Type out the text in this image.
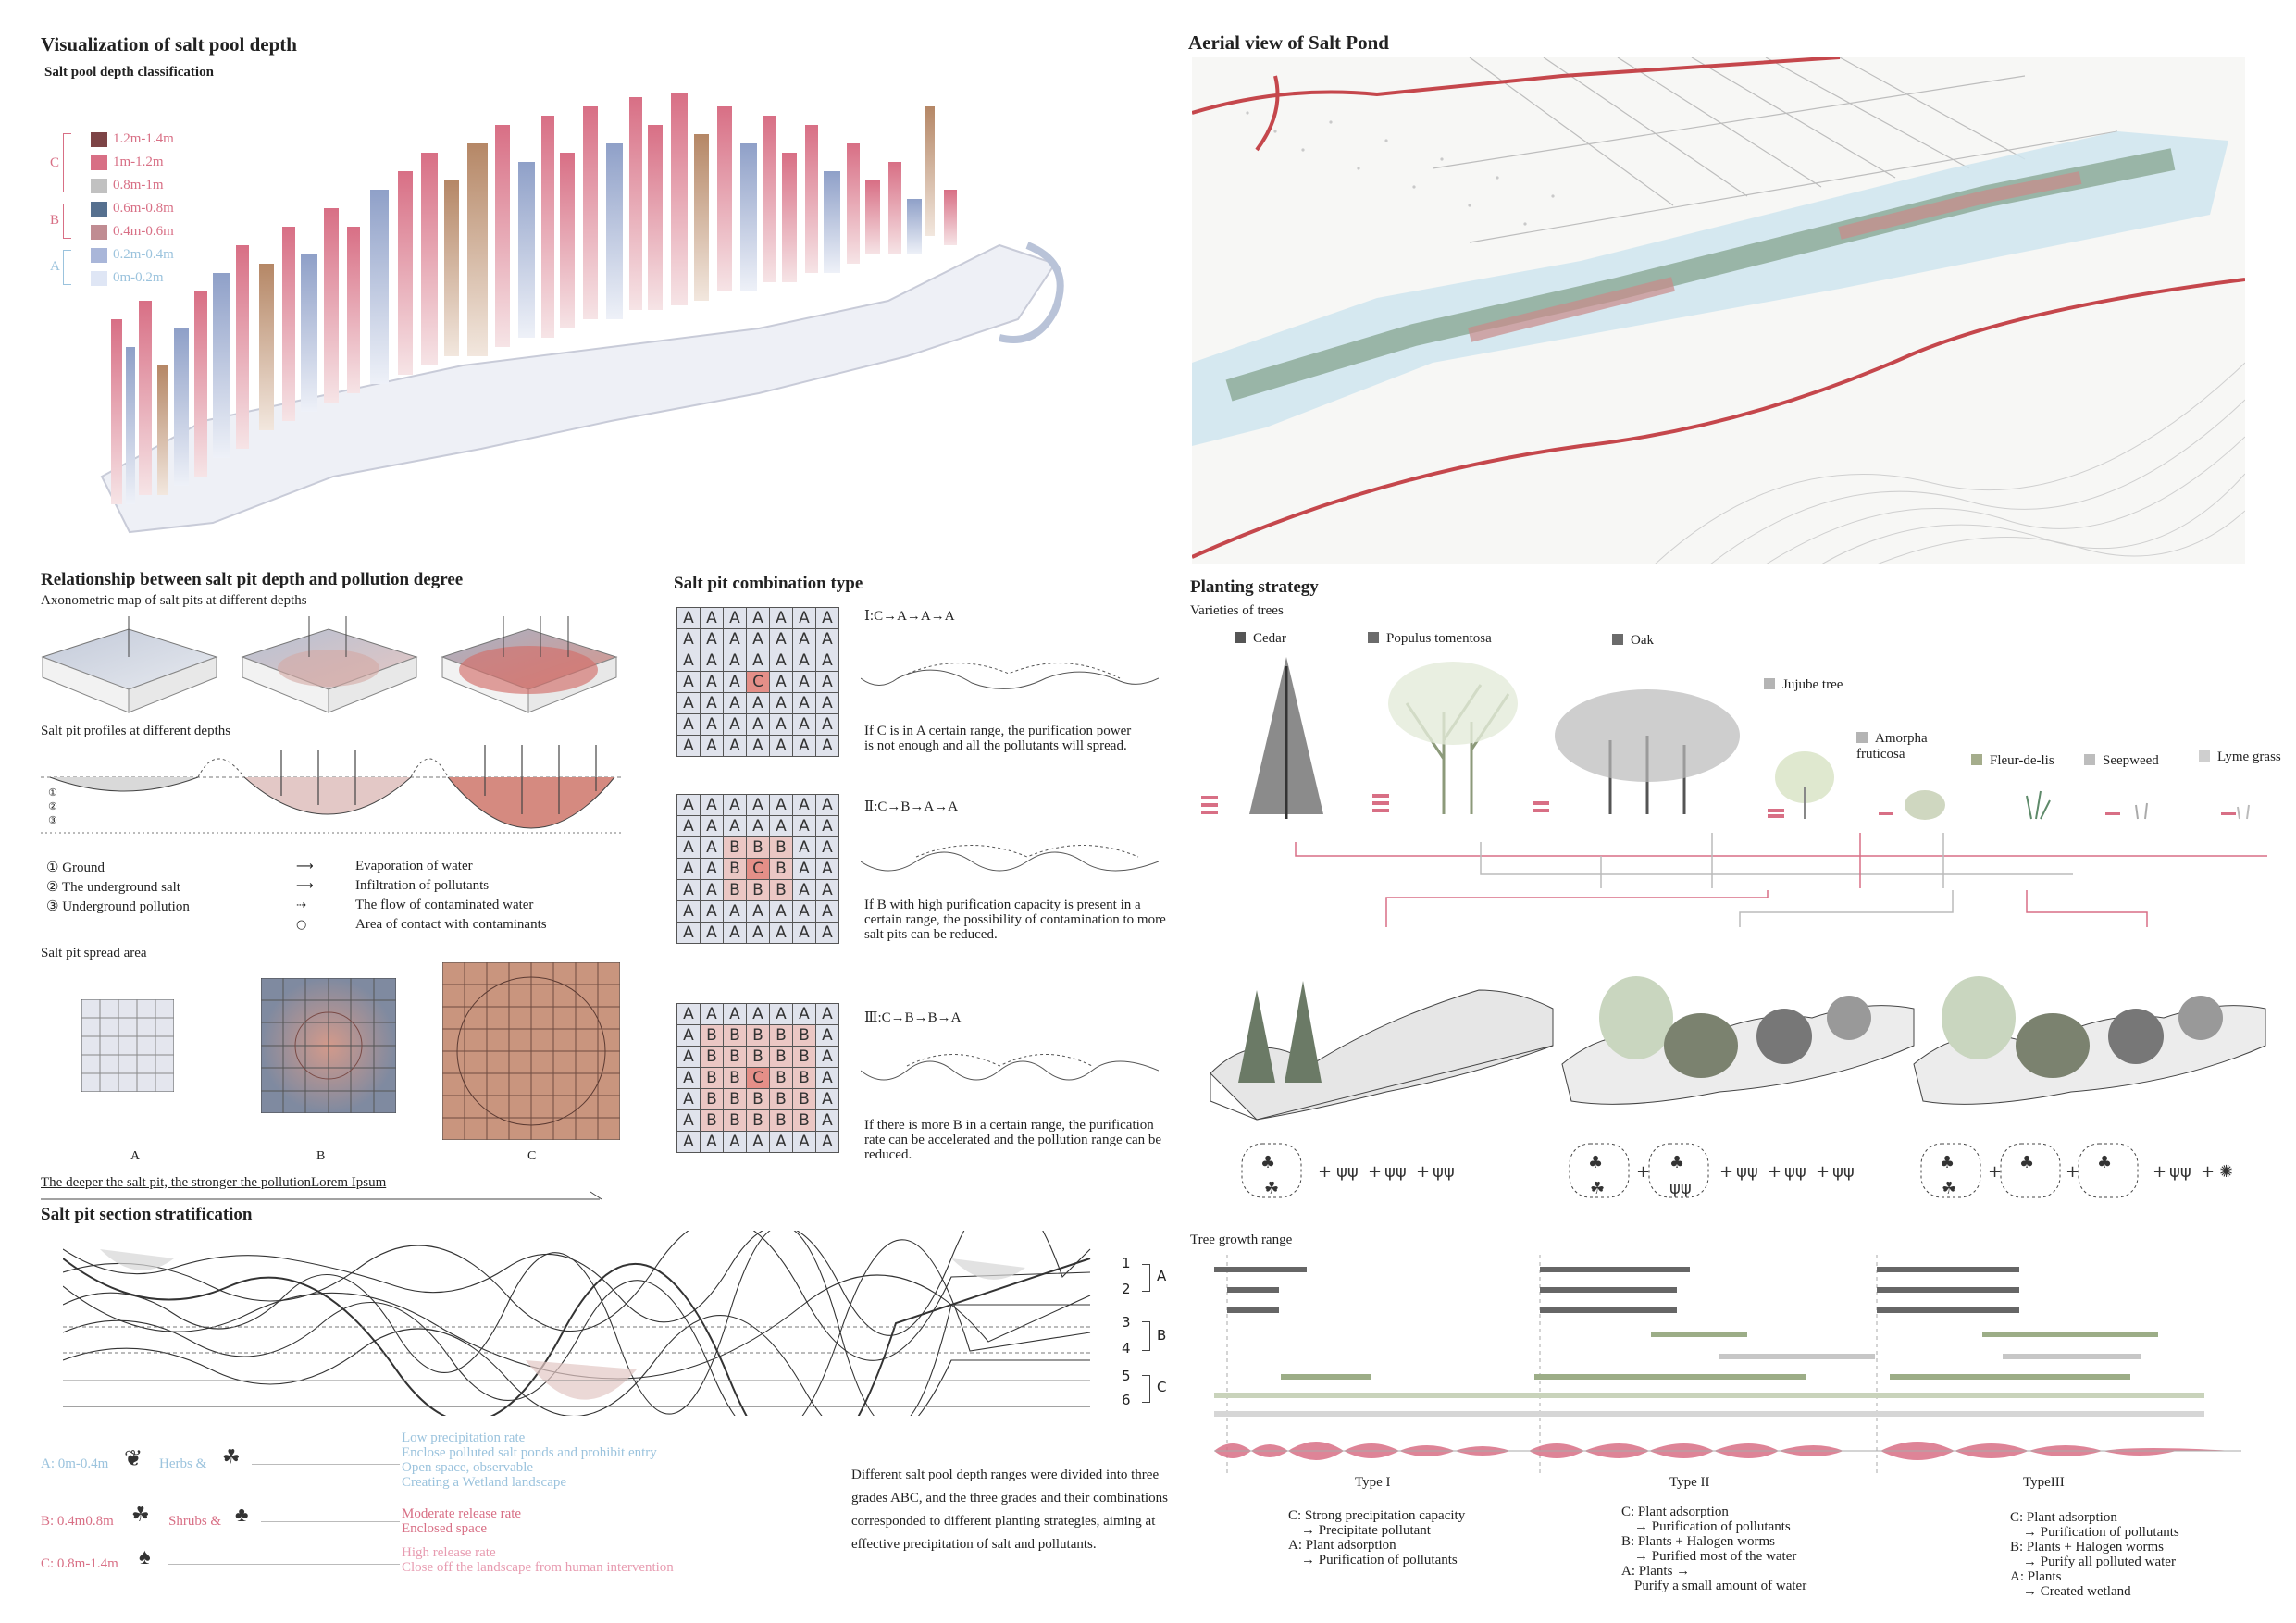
Visualization of salt pool depth
Salt pool depth classification
C
1.2m-1.4m
1m-1.2m
0.8m-1m
B
0.6m-0.8m
0.4m-0.6m
A
0.2m-0.4m
0m-0.2m
Aerial view of Salt Pond
Relationship between salt pit depth and pollution degree
Axonometric map of salt pits at different depths
Salt pit profiles at different depths
①
②
③
① Ground
② The underground salt
③ Underground pollution
⟶	Evaporation of water
⟶	Infiltration of pollutants
⇢	The flow of contaminated water
○	Area of contact with contaminants
Salt pit spread area
A	B	C
The deeper the salt pit, the stronger the pollutionLorem Ipsum
Salt pit combination type
A	A	A	A	A	A	A
A	A	A	A	A	A	A
A	A	A	A	A	A	A
A	A	A	C	A	A	A
A	A	A	A	A	A	A
A	A	A	A	A	A	A
A	A	A	A	A	A	A
A	A	A	A	A	A	A
A	A	A	A	A	A	A
A	A	B	B	B	A	A
A	A	B	C	B	A	A
A	A	B	B	B	A	A
A	A	A	A	A	A	A
A	A	A	A	A	A	A
A	A	A	A	A	A	A
A	B	B	B	B	B	A
A	B	B	B	B	B	A
A	B	B	C	B	B	A
A	B	B	B	B	B	A
A	B	B	B	B	B	A
A	A	A	A	A	A	A
Ⅰ:C→A→A→A
Ⅱ:C→B→A→A
Ⅲ:C→B→B→A
If C is in A certain range, the purification power is not enough and all the pollutants will spread.
If B with high purification capacity is present in a certain range, the possibility of contamination to more salt pits can be reduced.
If there is more B in a certain range, the purification rate can be accelerated and the pollution range can be reduced.
Salt pit section stratification
1
2
3
4
5
6
A
B
C
A: 0m-0.4m ❦ Herbs & ☘
Low precipitation rate
Enclose polluted salt ponds and prohibit entry
Open space, observable
Creating a Wetland landscape
B: 0.4m0.8m ☘ Shrubs & ♣	Moderate release rate
Enclosed space
C: 0.8m-1.4m ♠	High release rate
Close off the landscape from human intervention
Different salt pool depth ranges were divided into three grades ABC, and the three grades and their combinations corresponded to different planting strategies, aiming at effective precipitation of salt and pollutants.
Planting strategy
Varieties of trees
Cedar	Populus tomentosa	Oak
Jujube tree
Amorpha fruticosa	Fleur-de-lis	Seepweed	Lyme grass
♣
☘
+ ψψ + ψψ + ψψ	♣
☘
+ ♣
ψψ
+ ψψ + ψψ + ψψ	♣
☘
+ ♣ + ♣ + ψψ + ✺
Tree growth range
Type I	Type II	TypeIII
C: Strong precipitation capacity
→ Precipitate pollutant
A: Plant adsorption
→ Purification of pollutants
C: Plant adsorption
→ Purification of pollutants
B: Plants + Halogen worms
→ Purified most of the water
A: Plants →
Purify a small amount of water
C: Plant adsorption
→ Purification of pollutants
B: Plants + Halogen worms
→ Purify all polluted water
A: Plants
→ Created wetland
